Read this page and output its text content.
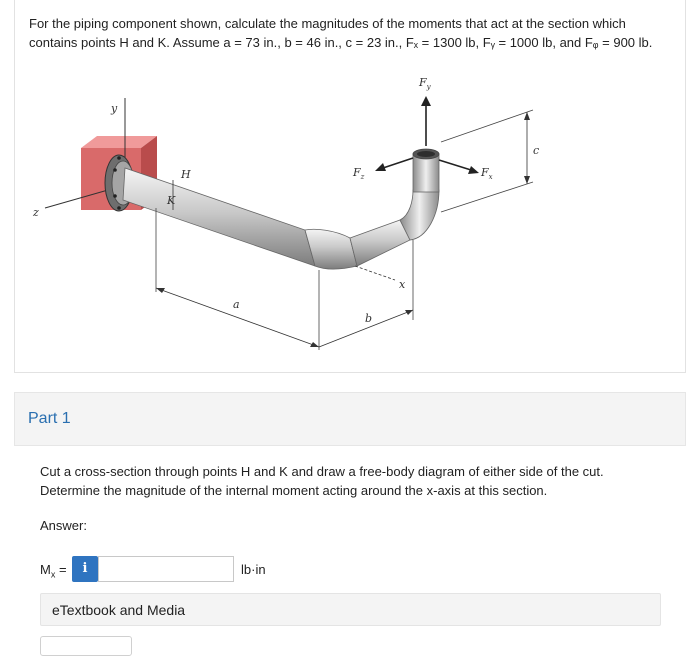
For the piping component shown, calculate the magnitudes of the moments that act at the section which
contains points H and K. Assume a = 73 in., b = 46 in., c = 23 in., Fₓ = 1300 lb, Fᵧ = 1000 lb, and Fᵩ = 900 lb.
y
z
H
K
a
b
x
c
$F_y$
$F_x$
$F_z$
Part 1
Cut a cross-section through points H and K and draw a free-body diagram of either side of the cut.
Determine the magnitude of the internal moment acting around the x-axis at this section.
Answer:
$M_x$ =	i	lb·in
eTextbook and Media
